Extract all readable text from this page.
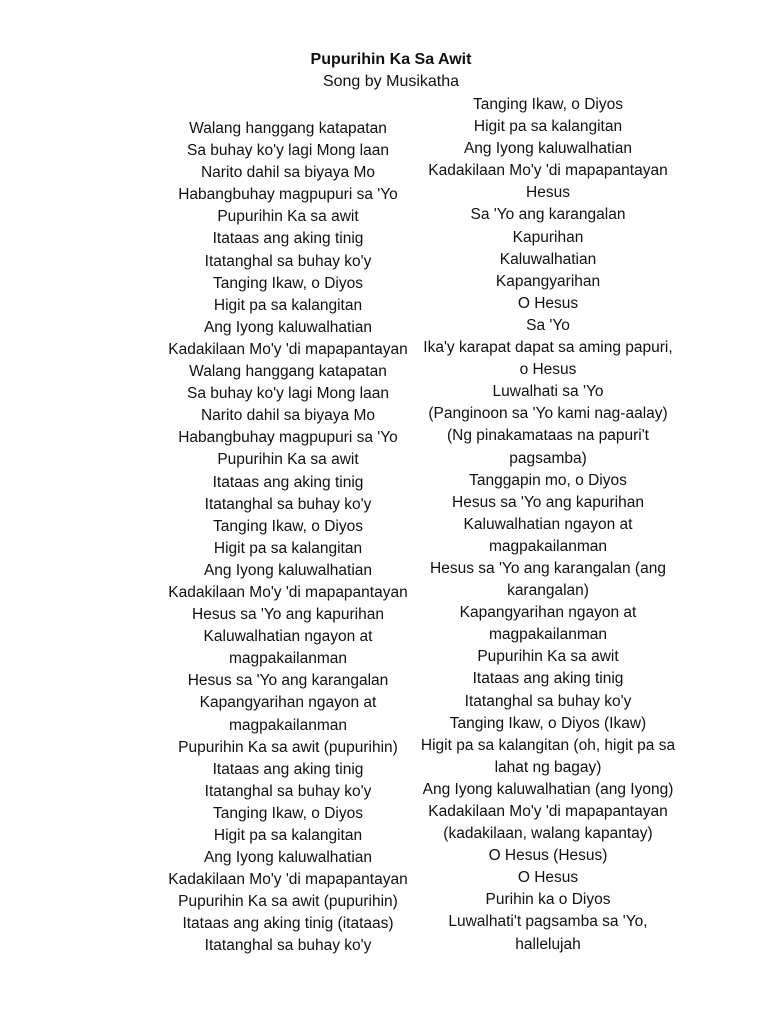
Pupurihin Ka Sa Awit
Song by Musikatha
Walang hanggang katapatan
Sa buhay ko'y lagi Mong laan
Narito dahil sa biyaya Mo
Habangbuhay magpupuri sa 'Yo
Pupurihin Ka sa awit
Itataas ang aking tinig
Itatanghal sa buhay ko'y
Tanging Ikaw, o Diyos
Higit pa sa kalangitan
Ang Iyong kaluwalhatian
Kadakilaan Mo'y 'di mapapantayan
Walang hanggang katapatan
Sa buhay ko'y lagi Mong laan
Narito dahil sa biyaya Mo
Habangbuhay magpupuri sa 'Yo
Pupurihin Ka sa awit
Itataas ang aking tinig
Itatanghal sa buhay ko'y
Tanging Ikaw, o Diyos
Higit pa sa kalangitan
Ang Iyong kaluwalhatian
Kadakilaan Mo'y 'di mapapantayan
Hesus sa 'Yo ang kapurihan
Kaluwalhatian ngayon at
magpakailanman
Hesus sa 'Yo ang karangalan
Kapangyarihan ngayon at
magpakailanman
Pupurihin Ka sa awit (pupurihin)
Itataas ang aking tinig
Itatanghal sa buhay ko'y
Tanging Ikaw, o Diyos
Higit pa sa kalangitan
Ang Iyong kaluwalhatian
Kadakilaan Mo'y 'di mapapantayan
Pupurihin Ka sa awit (pupurihin)
Itataas ang aking tinig (itataas)
Itatanghal sa buhay ko'y
Tanging Ikaw, o Diyos
Higit pa sa kalangitan
Ang Iyong kaluwalhatian
Kadakilaan Mo'y 'di mapapantayan
Hesus
Sa 'Yo ang karangalan
Kapurihan
Kaluwalhatian
Kapangyarihan
O Hesus
Sa 'Yo
Ika'y karapat dapat sa aming papuri,
o Hesus
Luwalhati sa 'Yo
(Panginoon sa 'Yo kami nag-aalay)
(Ng pinakamataas na papuri't
pagsamba)
Tanggapin mo, o Diyos
Hesus sa 'Yo ang kapurihan
Kaluwalhatian ngayon at
magpakailanman
Hesus sa 'Yo ang karangalan (ang
karangalan)
Kapangyarihan ngayon at
magpakailanman
Pupurihin Ka sa awit
Itataas ang aking tinig
Itatanghal sa buhay ko'y
Tanging Ikaw, o Diyos (Ikaw)
Higit pa sa kalangitan (oh, higit pa sa
lahat ng bagay)
Ang Iyong kaluwalhatian (ang Iyong)
Kadakilaan Mo'y 'di mapapantayan
(kadakilaan, walang kapantay)
O Hesus (Hesus)
O Hesus
Purihin ka o Diyos
Luwalhati't pagsamba sa 'Yo,
hallelujah
